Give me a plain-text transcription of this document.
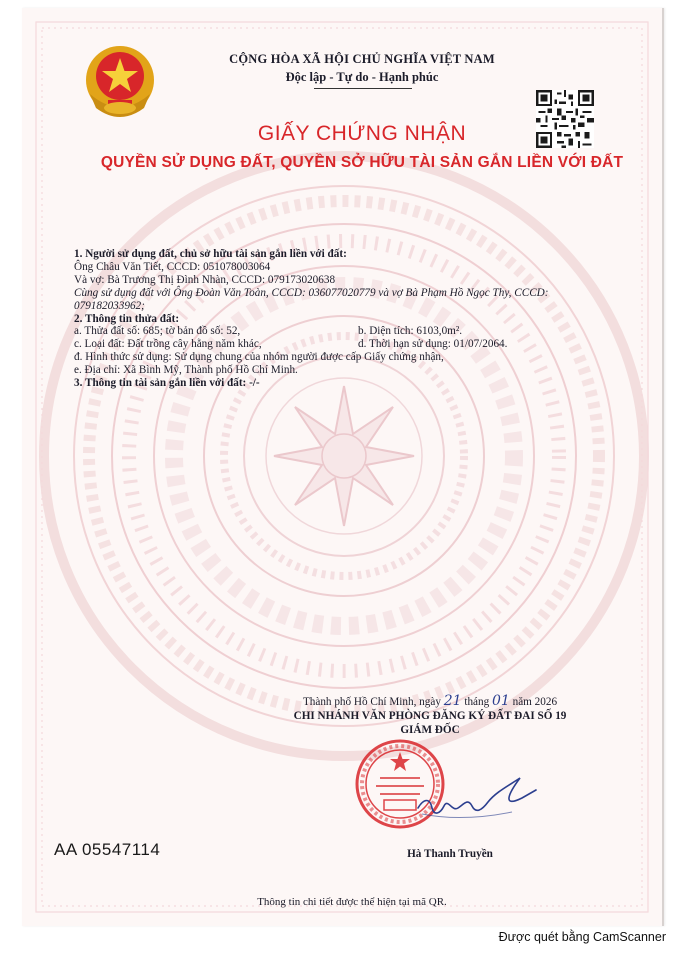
CỘNG HÒA XÃ HỘI CHỦ NGHĨA VIỆT NAM
Độc lập - Tự do - Hạnh phúc
GIẤY CHỨNG NHẬN
QUYỀN SỬ DỤNG ĐẤT, QUYỀN SỞ HỮU TÀI SẢN GẮN LIỀN VỚI ĐẤT
1. Người sử dụng đất, chủ sở hữu tài sản gắn liền với đất:
Ông Châu Văn Tiết, CCCD: 051078003064
Và vợ: Bà Trương Thị Đình Nhàn, CCCD: 079173020638
Cùng sử dụng đất với Ông Đoàn Văn Toàn, CCCD: 036077020779 và vợ Bà Phạm Hồ Ngọc Thy, CCCD:
079182033962;
2. Thông tin thửa đất:
a. Thửa đất số: 685; tờ bản đồ số: 52,	b. Diện tích: 6103,0m².
c. Loại đất: Đất trồng cây hằng năm khác,	d. Thời hạn sử dụng: 01/07/2064.
đ. Hình thức sử dụng: Sử dụng chung của nhóm người được cấp Giấy chứng nhận,
e. Địa chỉ: Xã Bình Mỹ, Thành phố Hồ Chí Minh.
3. Thông tin tài sản gắn liền với đất: -/-
Thành phố Hồ Chí Minh, ngày 21 tháng 01 năm 2026
CHI NHÁNH VĂN PHÒNG ĐĂNG KÝ ĐẤT ĐAI SỐ 19
GIÁM ĐỐC
Hà Thanh Truyền
AA 05547114
Thông tin chi tiết được thể hiện tại mã QR.
Được quét bằng CamScanner
